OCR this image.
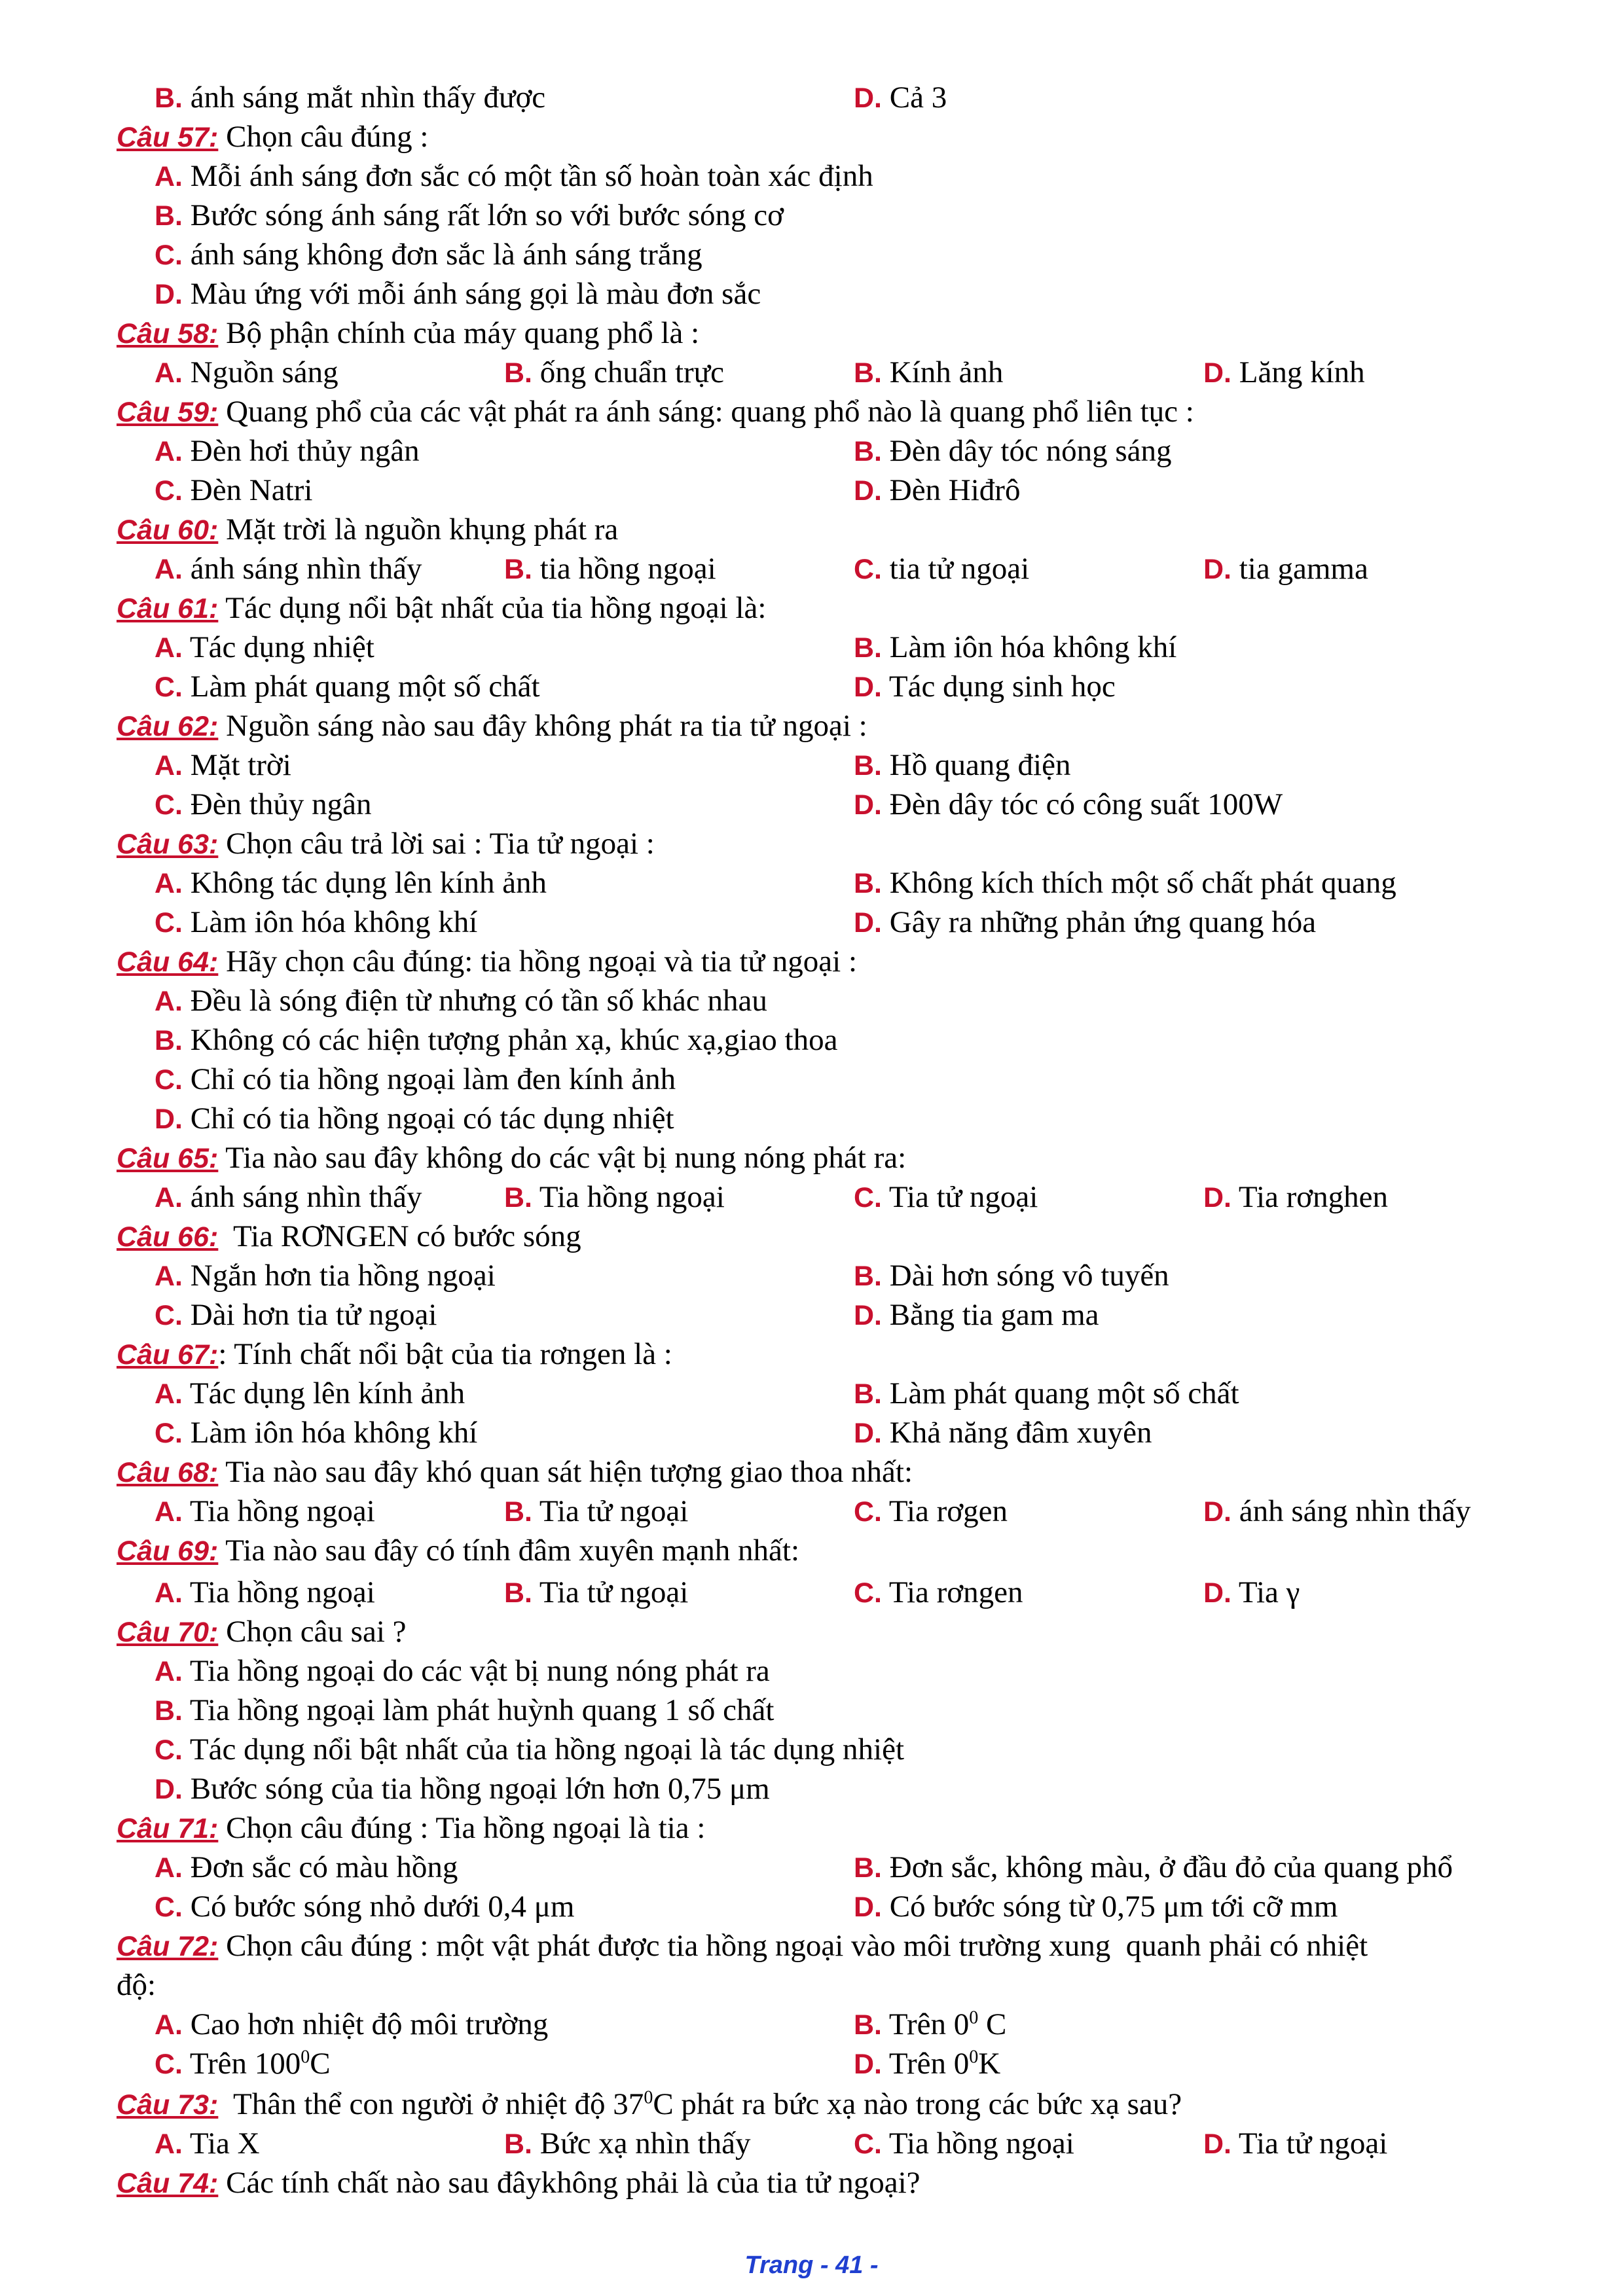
B. ánh sáng mắt nhìn thấy được	D. Cả 3
Câu 57: Chọn câu đúng :
A. Mỗi ánh sáng đơn sắc có một tần số hoàn toàn xác định
B. Bước sóng ánh sáng rất lớn so với bước sóng cơ
C. ánh sáng không đơn sắc là ánh sáng trắng
D. Màu ứng với mỗi ánh sáng gọi là màu đơn sắc
Câu 58: Bộ phận chính của máy quang phổ là :
A. Nguồn sáng	B. ống chuẩn trực	B. Kính ảnh	D. Lăng kính
Câu 59: Quang phổ của các vật phát ra ánh sáng: quang phổ nào là quang phổ liên tục :
A. Đèn hơi thủy ngân	B. Đèn dây tóc nóng sáng
C. Đèn Natri	D. Đèn Hiđrô
Câu 60: Mặt trời là nguồn khụng phát ra
A. ánh sáng nhìn thấy	B. tia hồng ngoại	C. tia tử ngoại	D. tia gamma
Câu 61: Tác dụng nổi bật nhất của tia hồng ngoại là:
A. Tác dụng nhiệt	B. Làm iôn hóa không khí
C. Làm phát quang một số chất	D. Tác dụng sinh học
Câu 62: Nguồn sáng nào sau đây không phát ra tia tử ngoại :
A. Mặt trời	B. Hồ quang điện
C. Đèn thủy ngân	D. Đèn dây tóc có công suất 100W
Câu 63: Chọn câu trả lời sai : Tia tử ngoại :
A. Không tác dụng lên kính ảnh	B. Không kích thích một số chất phát quang
C. Làm iôn hóa không khí	D. Gây ra những phản ứng quang hóa
Câu 64: Hãy chọn câu đúng: tia hồng ngoại và tia tử ngoại :
A. Đều là sóng điện từ nhưng có tần số khác nhau
B. Không có các hiện tượng phản xạ, khúc xạ,giao thoa
C. Chỉ có tia hồng ngoại làm đen kính ảnh
D. Chỉ có tia hồng ngoại có tác dụng nhiệt
Câu 65: Tia nào sau đây không do các vật bị nung nóng phát ra:
A. ánh sáng nhìn thấy	B. Tia hồng ngoại	C. Tia tử ngoại	D. Tia rơnghen
Câu 66:  Tia RƠNGEN có bước sóng
A. Ngắn hơn tia hồng ngoại	B. Dài hơn sóng vô tuyến
C. Dài hơn tia tử ngoại	D. Bằng tia gam ma
Câu 67:: Tính chất nổi bật của tia rơngen là :
A. Tác dụng lên kính ảnh	B. Làm phát quang một số chất
C. Làm iôn hóa không khí	D. Khả năng đâm xuyên
Câu 68: Tia nào sau đây khó quan sát hiện tượng giao thoa nhất:
A. Tia hồng ngoại	B. Tia tử ngoại	C. Tia rơgen	D. ánh sáng nhìn thấy
Câu 69: Tia nào sau đây có tính đâm xuyên mạnh nhất:
A. Tia hồng ngoại	B. Tia tử ngoại	C. Tia rơngen	D. Tia γ
Câu 70: Chọn câu sai ?
A. Tia hồng ngoại do các vật bị nung nóng phát ra
B. Tia hồng ngoại làm phát huỳnh quang 1 số chất
C. Tác dụng nổi bật nhất của tia hồng ngoại là tác dụng nhiệt
D. Bước sóng của tia hồng ngoại lớn hơn 0,75 μm
Câu 71: Chọn câu đúng : Tia hồng ngoại là tia :
A. Đơn sắc có màu hồng	B. Đơn sắc, không màu, ở đầu đỏ của quang phổ
C. Có bước sóng nhỏ dưới 0,4 μm	D. Có bước sóng từ 0,75 μm tới cỡ mm
Câu 72: Chọn câu đúng : một vật phát được tia hồng ngoại vào môi trường xung  quanh phải có nhiệt
độ:
A. Cao hơn nhiệt độ môi trường	B. Trên $0^0$ C
C. Trên $100^0C$	D. Trên $0^0K$
Câu 73:  Thân thể con người ở nhiệt độ $37^0C$ phát ra bức xạ nào trong các bức xạ sau?
A. Tia X	B. Bức xạ nhìn thấy	C. Tia hồng ngoại	D. Tia tử ngoại
Câu 74: Các tính chất nào sau đâykhông phải là của tia tử ngoại?
Trang - 41 -
